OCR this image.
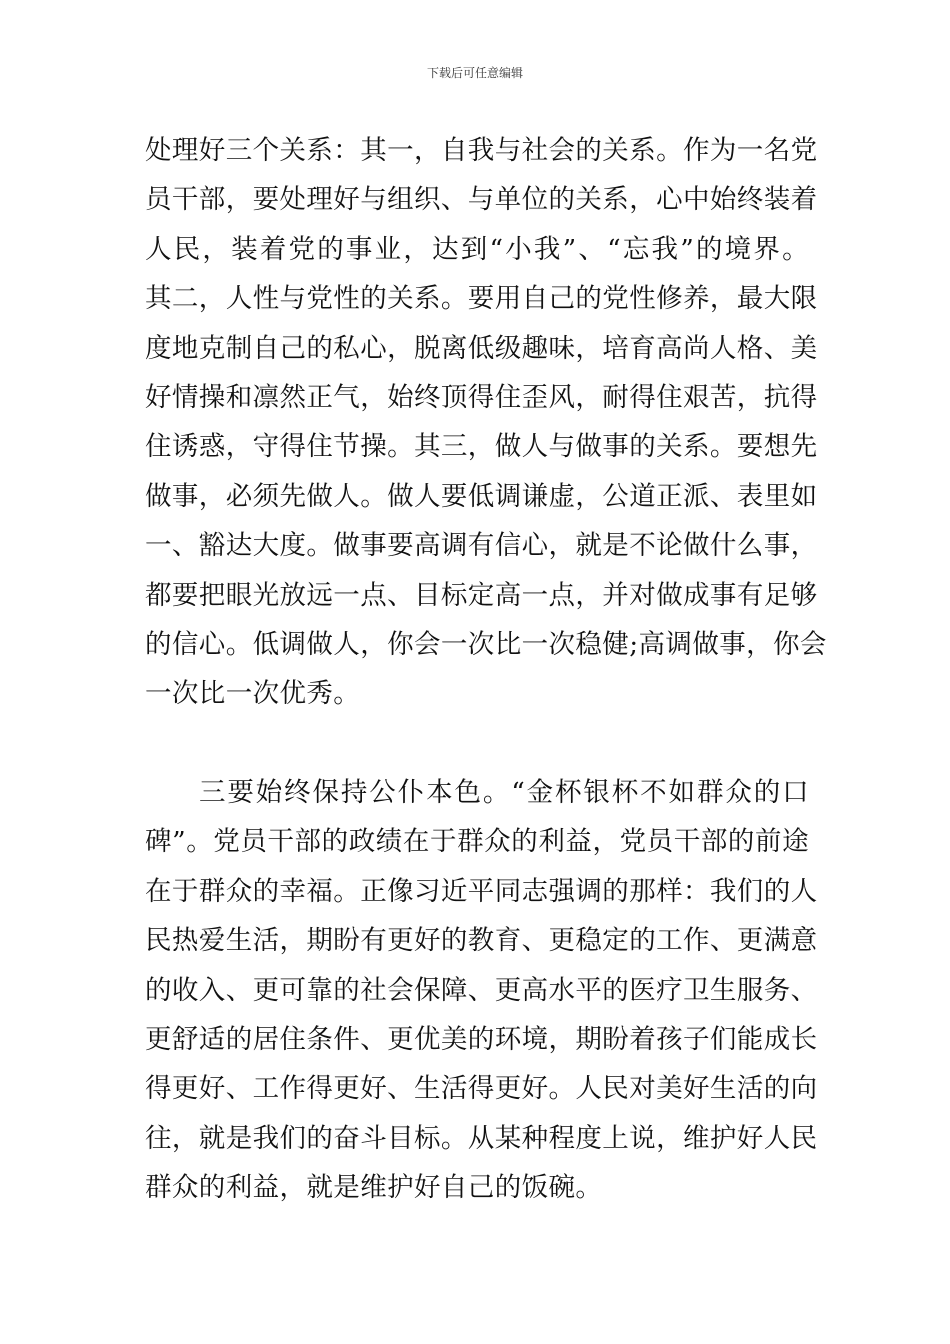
下载后可任意编辑
处理好三个关系：其一，自我与社会的关系。作为一名党
员干部，要处理好与组织、与单位的关系，心中始终装着
人民，装着党的事业，达到“小我”、“忘我”的境界。
其二，人性与党性的关系。要用自己的党性修养，最大限
度地克制自己的私心，脱离低级趣味，培育高尚人格、美
好情操和凛然正气，始终顶得住歪风，耐得住艰苦，抗得
住诱惑，守得住节操。其三，做人与做事的关系。要想先
做事，必须先做人。做人要低调谦虚，公道正派、表里如
一、豁达大度。做事要高调有信心，就是不论做什么事，
都要把眼光放远一点、目标定高一点，并对做成事有足够
的信心。低调做人，你会一次比一次稳健;高调做事，你会
一次比一次优秀。
三要始终保持公仆本色。“金杯银杯不如群众的口
碑”。党员干部的政绩在于群众的利益，党员干部的前途
在于群众的幸福。正像习近平同志强调的那样：我们的人
民热爱生活，期盼有更好的教育、更稳定的工作、更满意
的收入、更可靠的社会保障、更高水平的医疗卫生服务、
更舒适的居住条件、更优美的环境，期盼着孩子们能成长
得更好、工作得更好、生活得更好。人民对美好生活的向
往，就是我们的奋斗目标。从某种程度上说，维护好人民
群众的利益，就是维护好自己的饭碗。
